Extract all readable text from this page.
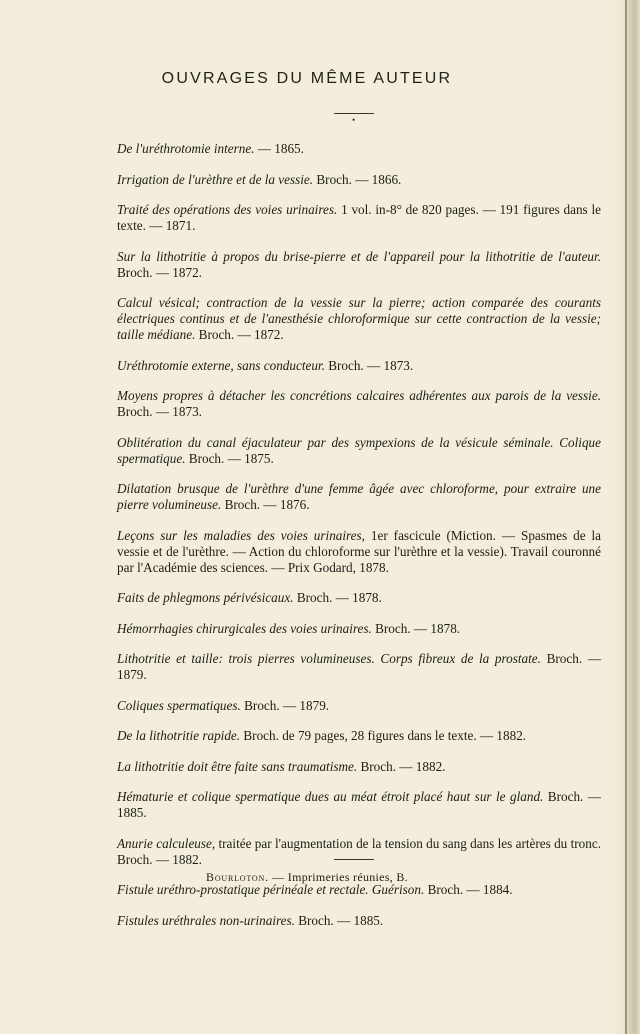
OUVRAGES DU MÊME AUTEUR
•
De l'uréthrotomie interne. — 1865.
Irrigation de l'urèthre et de la vessie. Broch. — 1866.
Traité des opérations des voies urinaires. 1 vol. in-8° de 820 pages. — 191 figures dans le texte. — 1871.
Sur la lithotritie à propos du brise-pierre et de l'appareil pour la lithotritie de l'auteur. Broch. — 1872.
Calcul vésical; contraction de la vessie sur la pierre; action comparée des courants électriques continus et de l'anesthésie chloroformique sur cette contraction de la vessie; taille médiane. Broch. — 1872.
Uréthrotomie externe, sans conducteur. Broch. — 1873.
Moyens propres à détacher les concrétions calcaires adhérentes aux parois de la vessie. Broch. — 1873.
Oblitération du canal éjaculateur par des sympexions de la vésicule séminale. Colique spermatique. Broch. — 1875.
Dilatation brusque de l'urèthre d'une femme âgée avec chloroforme, pour extraire une pierre volumineuse. Broch. — 1876.
Leçons sur les maladies des voies urinaires, 1er fascicule (Miction. — Spasmes de la vessie et de l'urèthre. — Action du chloroforme sur l'urèthre et la vessie). Travail couronné par l'Académie des sciences. — Prix Godard, 1878.
Faits de phlegmons périvésicaux. Broch. — 1878.
Hémorrhagies chirurgicales des voies urinaires. Broch. — 1878.
Lithotritie et taille: trois pierres volumineuses. Corps fibreux de la prostate. Broch. — 1879.
Coliques spermatiques. Broch. — 1879.
De la lithotritie rapide. Broch. de 79 pages, 28 figures dans le texte. — 1882.
La lithotritie doit être faite sans traumatisme. Broch. — 1882.
Hématurie et colique spermatique dues au méat étroit placé haut sur le gland. Broch. — 1885.
Anurie calculeuse, traitée par l'augmentation de la tension du sang dans les artères du tronc. Broch. — 1882.
Fistule uréthro-prostatique périnéale et rectale. Guérison. Broch. — 1884.
Fistules uréthrales non-urinaires. Broch. — 1885.
Bourloton. — Imprimeries réunies, B.
